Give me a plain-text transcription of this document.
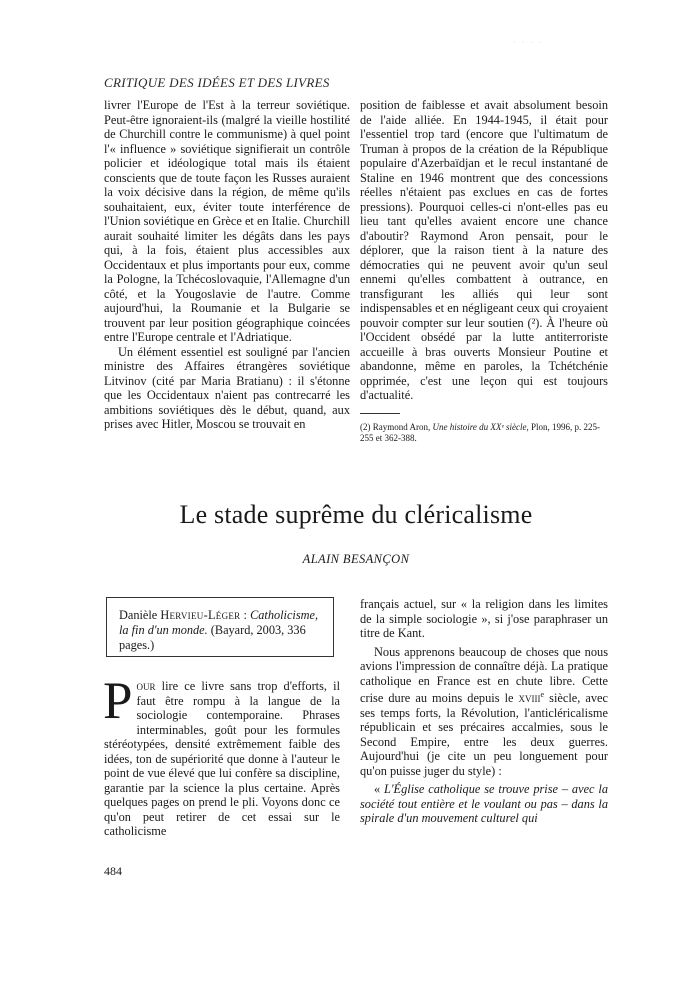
· · · ·
CRITIQUE DES IDÉES ET DES LIVRES

livrer l'Europe de l'Est à la terreur soviétique. Peut-être ignoraient-ils (malgré la vieille hostilité de Churchill contre le communisme) à quel point l'« influence » soviétique signifierait un contrôle policier et idéologique total mais ils étaient conscients que de toute façon les Russes auraient la voix décisive dans la région, de même qu'ils souhaitaient, eux, éviter toute interférence de l'Union soviétique en Grèce et en Italie. Churchill aurait souhaité limiter les dégâts dans les pays qui, à la fois, étaient plus accessibles aux Occidentaux et plus importants pour eux, comme la Pologne, la Tchécoslovaquie, l'Allemagne d'un côté, et la Yougoslavie de l'autre. Comme aujourd'hui, la Roumanie et la Bulgarie se trouvent par leur position géographique coincées entre l'Europe centrale et l'Adriatique.

Un élément essentiel est souligné par l'ancien ministre des Affaires étrangères soviétique Litvinov (cité par Maria Bratianu) : il s'étonne que les Occidentaux n'aient pas contrecarré les ambitions soviétiques dès le début, quand, aux prises avec Hitler, Moscou se trouvait en

position de faiblesse et avait absolument besoin de l'aide alliée. En 1944-1945, il était pour l'essentiel trop tard (encore que l'ultimatum de Truman à propos de la création de la République populaire d'Azerbaïdjan et le recul instantané de Staline en 1946 montrent que des concessions réelles n'étaient pas exclues en cas de fortes pressions). Pourquoi celles-ci n'ont-elles pas eu lieu tant qu'elles avaient encore une chance d'aboutir? Raymond Aron pensait, pour le déplorer, que la raison tient à la nature des démocraties qui ne peuvent avoir qu'un seul ennemi qu'elles combattent à outrance, en transfigurant les alliés qui leur sont indispensables et en négligeant ceux qui croyaient pouvoir compter sur leur soutien (²). À l'heure où l'Occident obsédé par la lutte antiterroriste accueille à bras ouverts Monsieur Poutine et abandonne, même en paroles, la Tchétchénie opprimée, c'est une leçon qui est toujours d'actualité.

(2) Raymond Aron, Une histoire du XXᵉ siècle, Plon, 1996, p. 225-255 et 362-388.
Le stade suprême du cléricalisme
ALAIN BESANÇON
Danièle Hervieu-Léger : Catholicisme, la fin d'un monde. (Bayard, 2003, 336 pages.)

Pour lire ce livre sans trop d'efforts, il faut être rompu à la langue de la sociologie contemporaine. Phrases interminables, goût pour les formules stéréotypées, densité extrêmement faible des idées, ton de supériorité que donne à l'auteur le point de vue élevé que lui confère sa discipline, garantie par la science la plus certaine. Après quelques pages on prend le pli. Voyons donc ce qu'on peut retirer de cet essai sur le catholicisme

français actuel, sur « la religion dans les limites de la simple sociologie », si j'ose paraphraser un titre de Kant.

Nous apprenons beaucoup de choses que nous avions l'impression de connaître déjà. La pratique catholique en France est en chute libre. Cette crise dure au moins depuis le xviii$^e$ siècle, avec ses temps forts, la Révolution, l'anticléricalisme républicain et ses précaires accalmies, sous le Second Empire, entre les deux guerres. Aujourd'hui (je cite un peu longuement pour qu'on puisse juger du style) :

« L'Église catholique se trouve prise – avec la société tout entière et le voulant ou pas – dans la spirale d'un mouvement culturel qui

484
